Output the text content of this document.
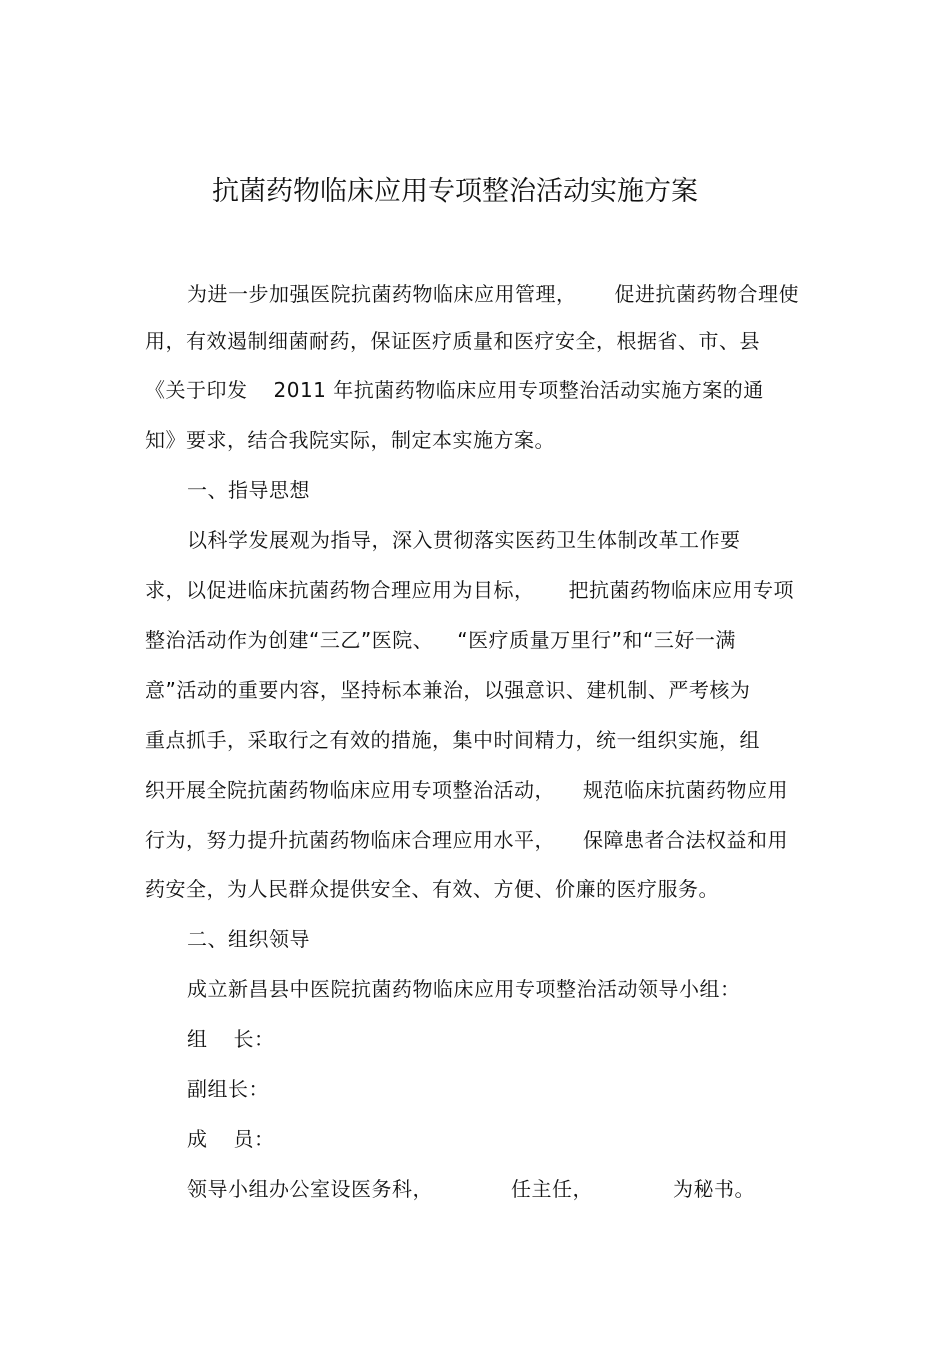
抗菌药物临床应用专项整治活动实施方案
为进一步加强医院抗菌药物临床应用管理， 促进抗菌药物合理使
用，有效遏制细菌耐药，保证医疗质量和医疗安全，根据省、市、县
《关于印发 2011 年抗菌药物临床应用专项整治活动实施方案的通
知》要求，结合我院实际，制定本实施方案。
一、指导思想
以科学发展观为指导，深入贯彻落实医药卫生体制改革工作要
求，以促进临床抗菌药物合理应用为目标， 把抗菌药物临床应用专项
整治活动作为创建“三乙”医院、 “医疗质量万里行”和“三好一满
意”活动的重要内容，坚持标本兼治，以强意识、建机制、严考核为
重点抓手，采取行之有效的措施，集中时间精力，统一组织实施，组
织开展全院抗菌药物临床应用专项整治活动， 规范临床抗菌药物应用
行为，努力提升抗菌药物临床合理应用水平， 保障患者合法权益和用
药安全，为人民群众提供安全、有效、方便、价廉的医疗服务。
二、组织领导
成立新昌县中医院抗菌药物临床应用专项整治活动领导小组：
组 长：
副组长：
成 员：
领导小组办公室设医务科，	任主任，	为秘书。
